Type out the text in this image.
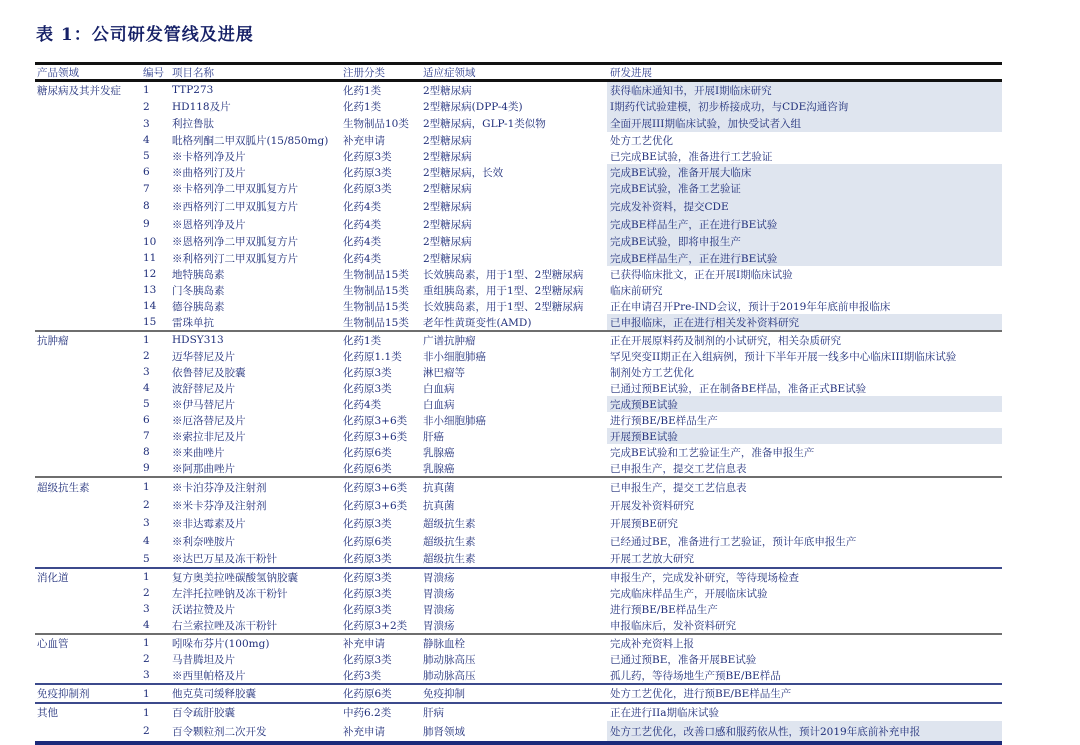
表 1：公司研发管线及进展
产品领域	编号 项目名称	注册分类	适应症领域	研发进展
糖尿病及其并发症	1	TTP273	化药1类	2型糖尿病	获得临床通知书，开展I期临床研究
2	HD118及片	化药1类	2型糖尿病(DPP-4类)	I期药代试验建模，初步桥接成功，与CDE沟通咨询
3	利拉鲁肽	生物制品10类	2型糖尿病，GLP-1类似物	全面开展III期临床试验，加快受试者入组
4	吡格列酮二甲双胍片(15/850mg)	补充申请	2型糖尿病	处方工艺优化
5	※卡格列净及片	化药原3类	2型糖尿病	已完成BE试验，准备进行工艺验证
6	※曲格列汀及片	化药原3类	2型糖尿病，长效	完成BE试验，准备开展大临床
7	※卡格列净二甲双胍复方片	化药原3类	2型糖尿病	完成BE试验，准备工艺验证
8	※西格列汀二甲双胍复方片	化药4类	2型糖尿病	完成发补资料，提交CDE
9	※恩格列净及片	化药4类	2型糖尿病	完成BE样品生产，正在进行BE试验
10	※恩格列净二甲双胍复方片	化药4类	2型糖尿病	完成BE试验，即将申报生产
11	※利格列汀二甲双胍复方片	化药4类	2型糖尿病	完成BE样品生产，正在进行BE试验
12	地特胰岛素	生物制品15类	长效胰岛素，用于1型、2型糖尿病	已获得临床批文，正在开展I期临床试验
13	门冬胰岛素	生物制品15类	重组胰岛素，用于1型、2型糖尿病	临床前研究
14	德谷胰岛素	生物制品15类	长效胰岛素，用于1型、2型糖尿病	正在申请召开Pre-IND会议，预计于2019年年底前申报临床
15	雷珠单抗	生物制品15类	老年性黄斑变性(AMD)	已申报临床，正在进行相关发补资料研究
抗肿瘤	1	HDSY313	化药1类	广谱抗肿瘤	正在开展原料药及制剂的小试研究，相关杂质研究
2	迈华替尼及片	化药原1.1类	非小细胞肺癌	罕见突变II期正在入组病例，预计下半年开展一线多中心临床III期临床试验
3	依鲁替尼及胶囊	化药原3类	淋巴瘤等	制剂处方工艺优化
4	波舒替尼及片	化药原3类	白血病	已通过预BE试验，正在制备BE样品，准备正式BE试验
5	※伊马替尼片	化药4类	白血病	完成预BE试验
6	※厄洛替尼及片	化药原3+6类	非小细胞肺癌	进行预BE/BE样品生产
7	※索拉非尼及片	化药原3+6类	肝癌	开展预BE试验
8	※来曲唑片	化药原6类	乳腺癌	完成BE试验和工艺验证生产，准备申报生产
9	※阿那曲唑片	化药原6类	乳腺癌	已申报生产，提交工艺信息表
超级抗生素	1	※卡泊芬净及注射剂	化药原3+6类	抗真菌	已申报生产，提交工艺信息表
2	※米卡芬净及注射剂	化药原3+6类	抗真菌	开展发补资料研究
3	※非达霉素及片	化药原3类	超级抗生素	开展预BE研究
4	※利奈唑胺片	化药原6类	超级抗生素	已经通过BE，准备进行工艺验证，预计年底申报生产
5	※达巴万星及冻干粉针	化药原3类	超级抗生素	开展工艺放大研究
消化道	1	复方奥美拉唑碳酸氢钠胶囊	化药原3类	胃溃疡	申报生产，完成发补研究，等待现场检查
2	左泮托拉唑钠及冻干粉针	化药原3类	胃溃疡	完成临床样品生产，开展临床试验
3	沃诺拉赞及片	化药原3类	胃溃疡	进行预BE/BE样品生产
4	右兰索拉唑及冻干粉针	化药原3+2类	胃溃疡	申报临床后，发补资料研究
心血管	1	吲哚布芬片(100mg)	补充申请	静脉血栓	完成补充资料上报
2	马昔腾坦及片	化药原3类	肺动脉高压	已通过预BE，准备开展BE试验
3	※西里帕格及片	化药3类	肺动脉高压	孤儿药，等待场地生产预BE/BE样品
免疫抑制剂	1	他克莫司缓释胶囊	化药原6类	免疫抑制	处方工艺优化，进行预BE/BE样品生产
其他	1	百令疏肝胶囊	中药6.2类	肝病	正在进行IIa期临床试验
2	百令颗粒剂二次开发	补充申请	肺肾领域	处方工艺优化，改善口感和服药依从性，预计2019年底前补充申报
